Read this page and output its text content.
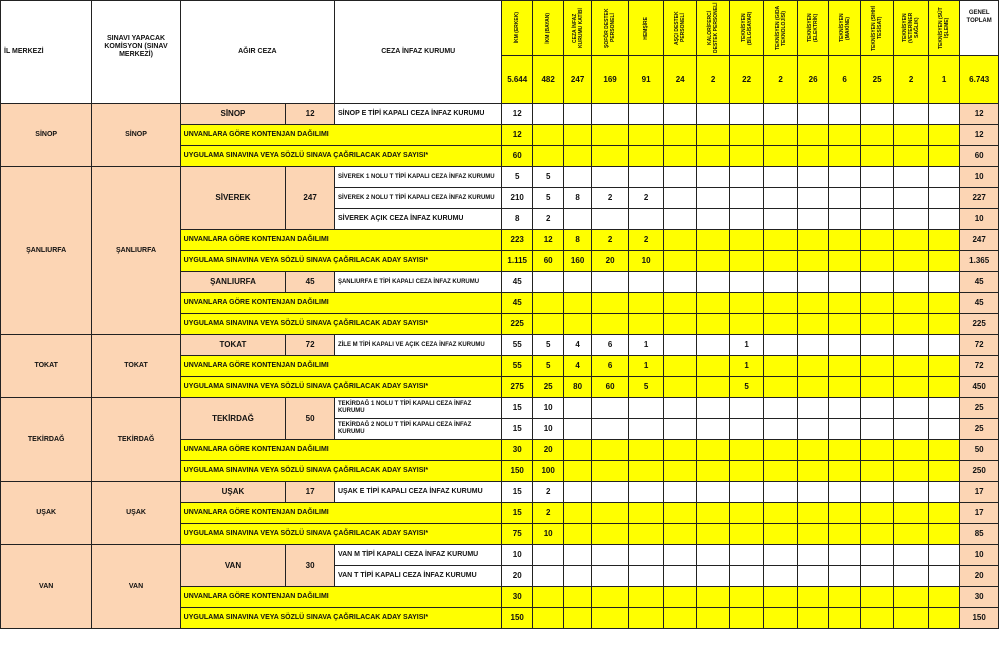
İL MERKEZİ	SINAVI YAPACAK KOMİSYON (SINAV MERKEZİ)	AĞIR CEZA		CEZA İNFAZ KURUMU	İKM (ERKEK)	İKM (BAYAN)	CEZA İNFAZ KURUMU KATİBİ	ŞOFÖR DESTEK PERSONELİ	HEMŞİRE	AŞÇI DESTEK PERSONELİ	KALORİFERCİ DESTEK PERSONELİ	TEKNİSYEN (BİLGİSAYAR)	TEKNİSYEN (GIDA TEKNOLOJİSİ)	TEKNİSYEN (ELEKTRİK)	TEKNİSYEN (MAKİNE)	TEKNİSYEN (SIHHİ TESİSAT)	TEKNİSYEN (VETERİNER SAĞLIK)	TEKNİSYEN (SÜT İŞLEME)	GENEL TOPLAM
					5.644	482	247	169	91	24	2	22	2	26	6	25	2	1	6.743
SİNOP	SİNOP	SİNOP	12	SİNOP E TİPİ KAPALI CEZA İNFAZ KURUMU	12														12
		UNVANLARA GÖRE KONTENJAN DAĞILIMI			12														12
		UYGULAMA SINAVINA VEYA SÖZLÜ SINAVA ÇAĞRILACAK ADAY SAYISI*			60														60
ŞANLIURFA	ŞANLIURFA	SİVEREK	247	SİVEREK 1 NOLU T TİPİ KAPALI CEZA İNFAZ KURUMU	5	5													10
				SİVEREK 2 NOLU T TİPİ KAPALI CEZA İNFAZ KURUMU	210	5	8	2	2										227
				SİVEREK AÇIK CEZA İNFAZ KURUMU	8	2													10
		UNVANLARA GÖRE KONTENJAN DAĞILIMI			223	12	8	2	2										247
		UYGULAMA SINAVINA VEYA SÖZLÜ SINAVA ÇAĞRILACAK ADAY SAYISI*			1.115	60	160	20	10										1.365
		ŞANLIURFA	45	ŞANLIURFA E TİPİ KAPALI CEZA İNFAZ KURUMU	45														45
		UNVANLARA GÖRE KONTENJAN DAĞILIMI			45														45
		UYGULAMA SINAVINA VEYA SÖZLÜ SINAVA ÇAĞRILACAK ADAY SAYISI*			225														225
TOKAT	TOKAT	TOKAT	72	ZİLE M TİPİ KAPALI VE AÇIK CEZA İNFAZ KURUMU	55	5	4	6	1			1							72
		UNVANLARA GÖRE KONTENJAN DAĞILIMI			55	5	4	6	1			1							72
		UYGULAMA SINAVINA VEYA SÖZLÜ SINAVA ÇAĞRILACAK ADAY SAYISI*			275	25	80	60	5			5							450
TEKİRDAĞ	TEKİRDAĞ	TEKİRDAĞ	50	TEKİRDAĞ 1 NOLU T TİPİ KAPALI CEZA İNFAZ KURUMU	15	10													25
				TEKİRDAĞ 2 NOLU T TİPİ KAPALI CEZA İNFAZ KURUMU	15	10													25
		UNVANLARA GÖRE KONTENJAN DAĞILIMI			30	20													50
		UYGULAMA SINAVINA VEYA SÖZLÜ SINAVA ÇAĞRILACAK ADAY SAYISI*			150	100													250
UŞAK	UŞAK	UŞAK	17	UŞAK E TİPİ KAPALI CEZA İNFAZ KURUMU	15	2													17
		UNVANLARA GÖRE KONTENJAN DAĞILIMI			15	2													17
		UYGULAMA SINAVINA VEYA SÖZLÜ SINAVA ÇAĞRILACAK ADAY SAYISI*			75	10													85
VAN	VAN	VAN	30	VAN M TİPİ KAPALI CEZA İNFAZ KURUMU	10														10
				VAN T TİPİ KAPALI CEZA İNFAZ KURUMU	20														20
		UNVANLARA GÖRE KONTENJAN DAĞILIMI			30														30
		UYGULAMA SINAVINA VEYA SÖZLÜ SINAVA ÇAĞRILACAK ADAY SAYISI*			150														150
